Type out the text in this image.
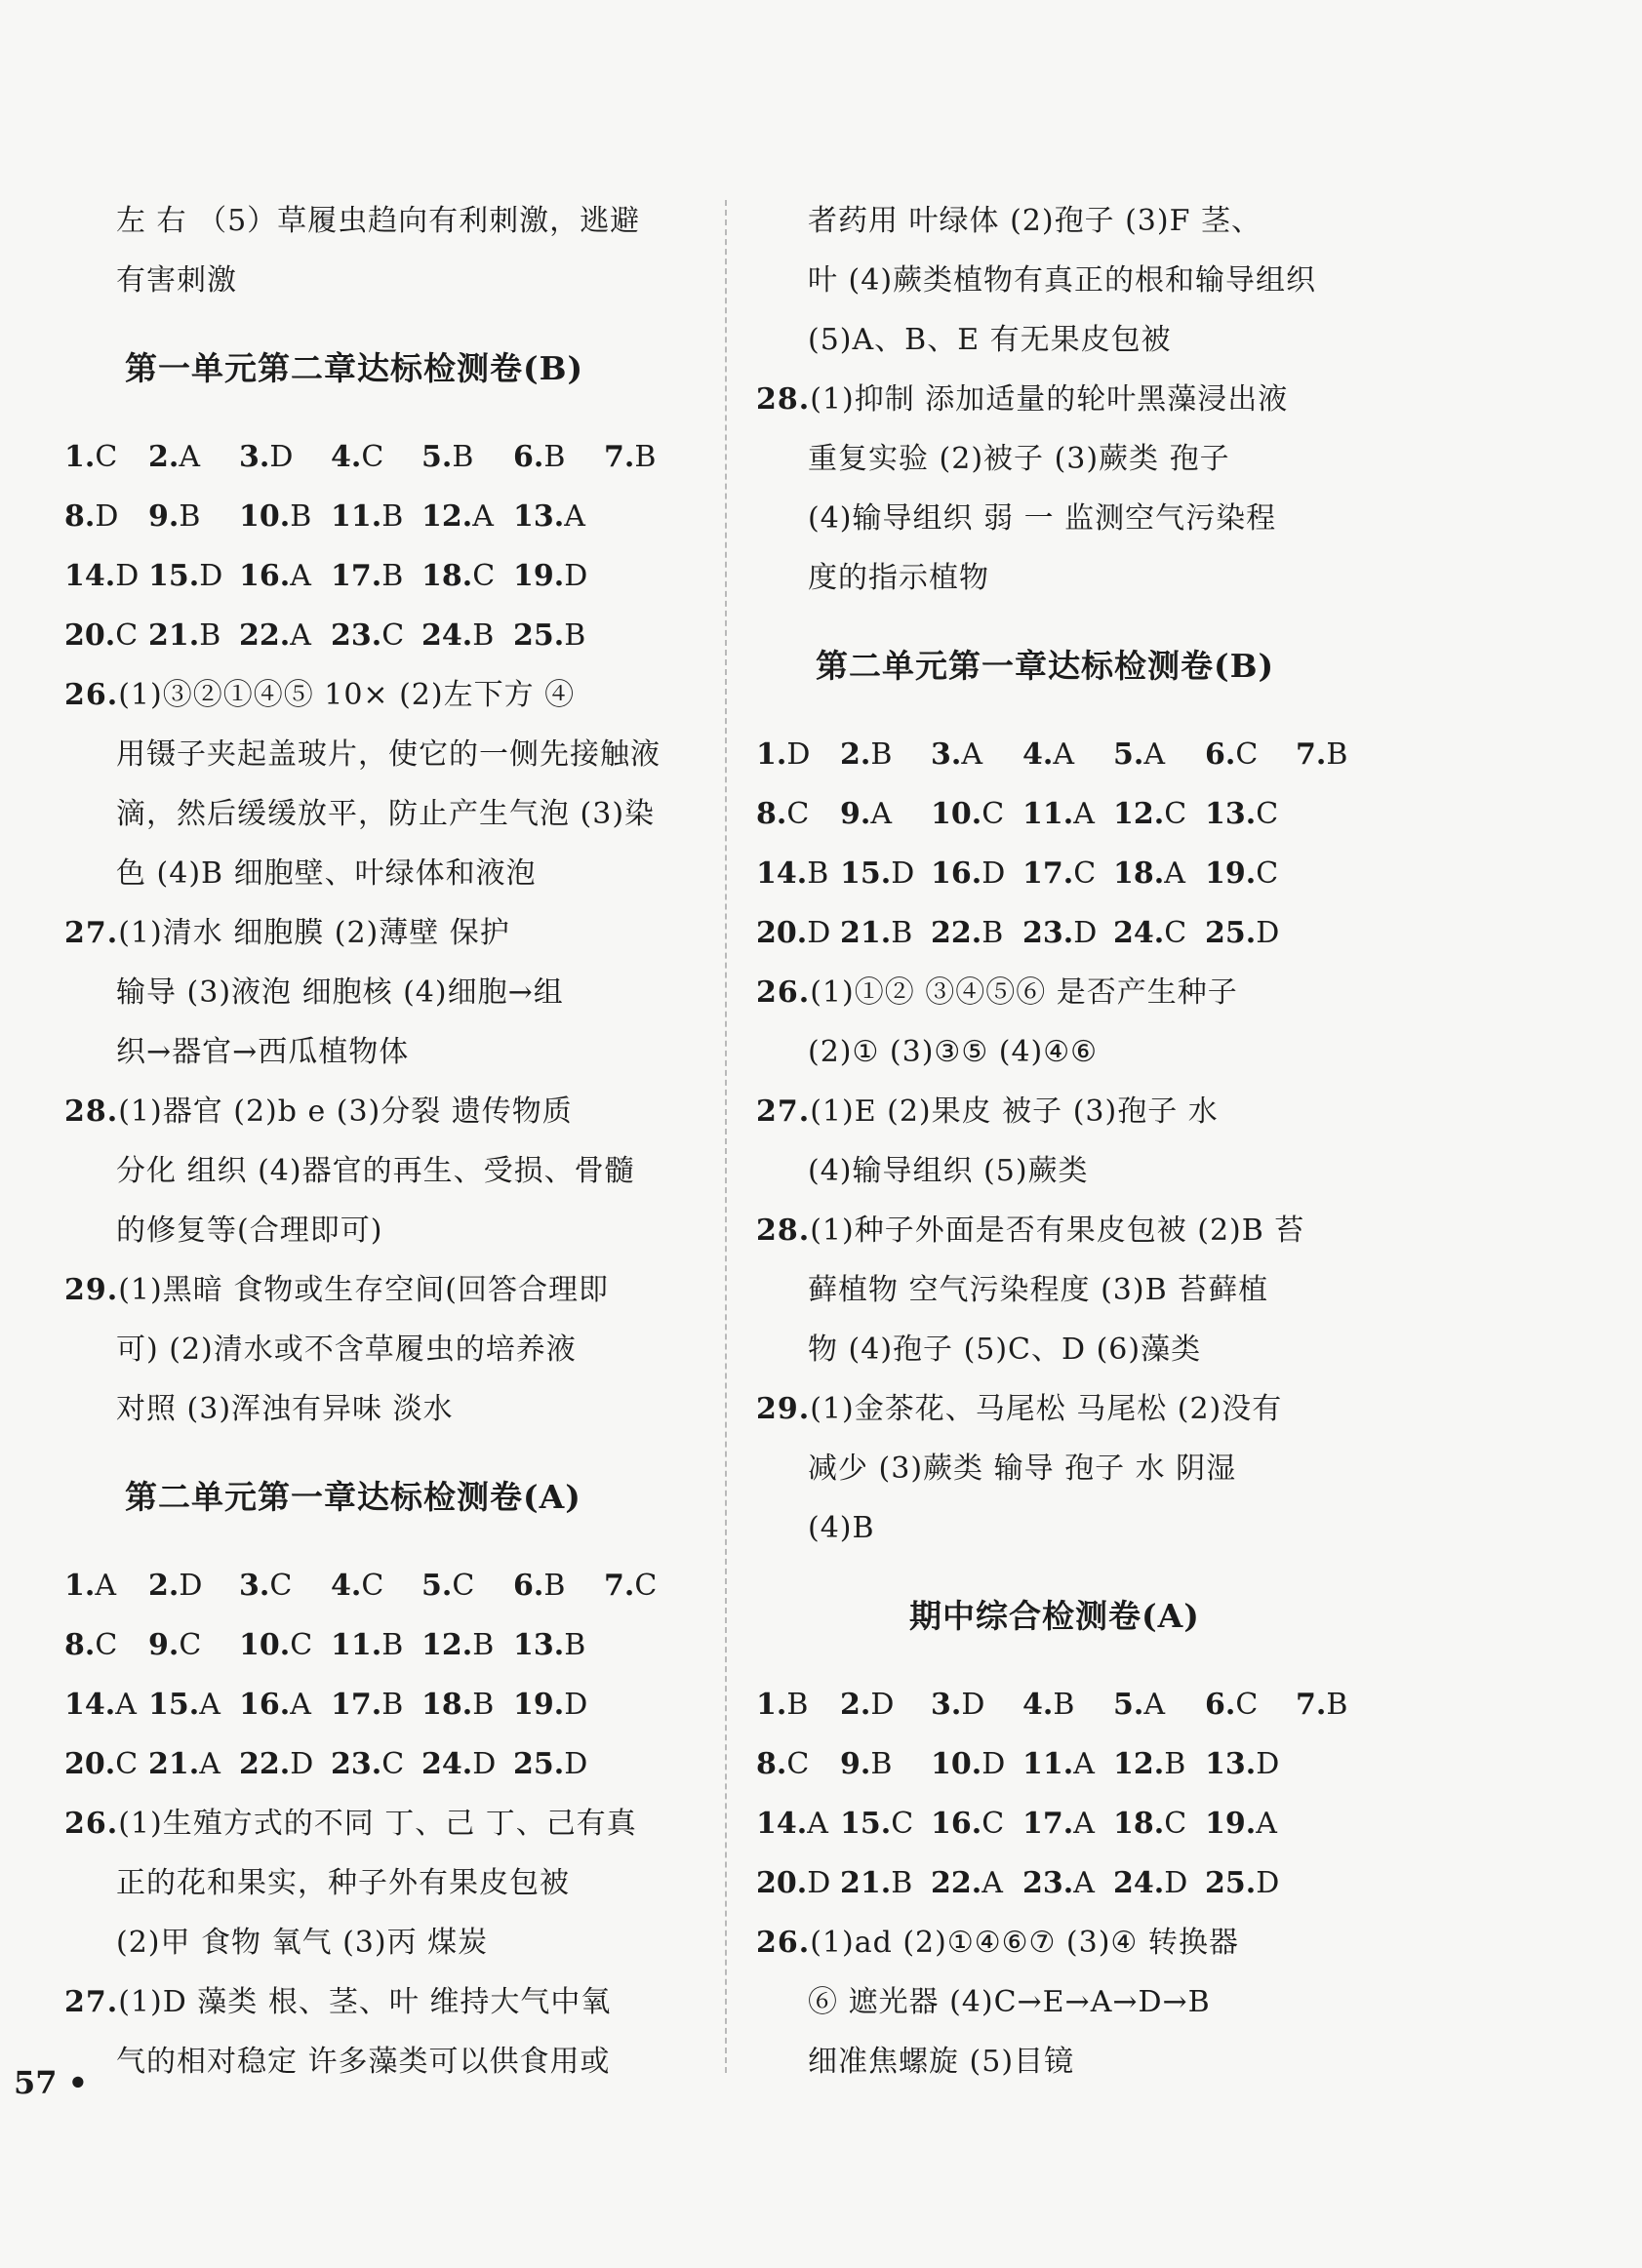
左 右 （5）草履虫趋向有利刺激，逃避

有害刺激

第一单元第二章达标检测卷(B)
1.C	2.A	3.D	4.C	5.B	6.B	7.B
8.D	9.B	10.B 11.B 12.A 13.A
14.D 15.D 16.A 17.B 18.C 19.D
20.C 21.B 22.A 23.C 24.B 25.B

26.(1)③②①④⑤ 10× (2)左下方 ④

用镊子夹起盖玻片，使它的一侧先接触液

滴，然后缓缓放平，防止产生气泡 (3)染

色 (4)B 细胞壁、叶绿体和液泡

27.(1)清水 细胞膜 (2)薄壁 保护

输导 (3)液泡 细胞核 (4)细胞→组

织→器官→西瓜植物体

28.(1)器官 (2)b e (3)分裂 遗传物质

分化 组织 (4)器官的再生、受损、骨髓

的修复等(合理即可)

29.(1)黑暗 食物或生存空间(回答合理即

可) (2)清水或不含草履虫的培养液

对照 (3)浑浊有异味 淡水

第二单元第一章达标检测卷(A)
1.A	2.D	3.C	4.C	5.C	6.B	7.C
8.C	9.C	10.C 11.B 12.B 13.B
14.A 15.A 16.A 17.B 18.B 19.D
20.C 21.A 22.D 23.C 24.D 25.D

26.(1)生殖方式的不同 丁、己 丁、己有真

正的花和果实，种子外有果皮包被

(2)甲 食物 氧气 (3)丙 煤炭

27.(1)D 藻类 根、茎、叶 维持大气中氧

气的相对稳定 许多藻类可以供食用或

者药用 叶绿体 (2)孢子 (3)F 茎、

叶 (4)蕨类植物有真正的根和输导组织

(5)A、B、E 有无果皮包被

28.(1)抑制 添加适量的轮叶黑藻浸出液

重复实验 (2)被子 (3)蕨类 孢子

(4)输导组织 弱 一 监测空气污染程

度的指示植物

第二单元第一章达标检测卷(B)
1.D	2.B	3.A	4.A	5.A	6.C	7.B
8.C	9.A	10.C 11.A 12.C 13.C
14.B 15.D 16.D 17.C 18.A 19.C
20.D 21.B 22.B 23.D 24.C 25.D

26.(1)①② ③④⑤⑥ 是否产生种子

(2)① (3)③⑤ (4)④⑥

27.(1)E (2)果皮 被子 (3)孢子 水

(4)输导组织 (5)蕨类

28.(1)种子外面是否有果皮包被 (2)B 苔

藓植物 空气污染程度 (3)B 苔藓植

物 (4)孢子 (5)C、D (6)藻类

29.(1)金茶花、马尾松 马尾松 (2)没有

减少 (3)蕨类 输导 孢子 水 阴湿

(4)B

期中综合检测卷(A)
1.B	2.D	3.D	4.B	5.A	6.C	7.B
8.C	9.B	10.D 11.A 12.B 13.D
14.A 15.C 16.C 17.A 18.C 19.A
20.D 21.B 22.A 23.A 24.D 25.D

26.(1)ad (2)①④⑥⑦ (3)④ 转换器

⑥ 遮光器 (4)C→E→A→D→B

细准焦螺旋 (5)目镜

57 •
